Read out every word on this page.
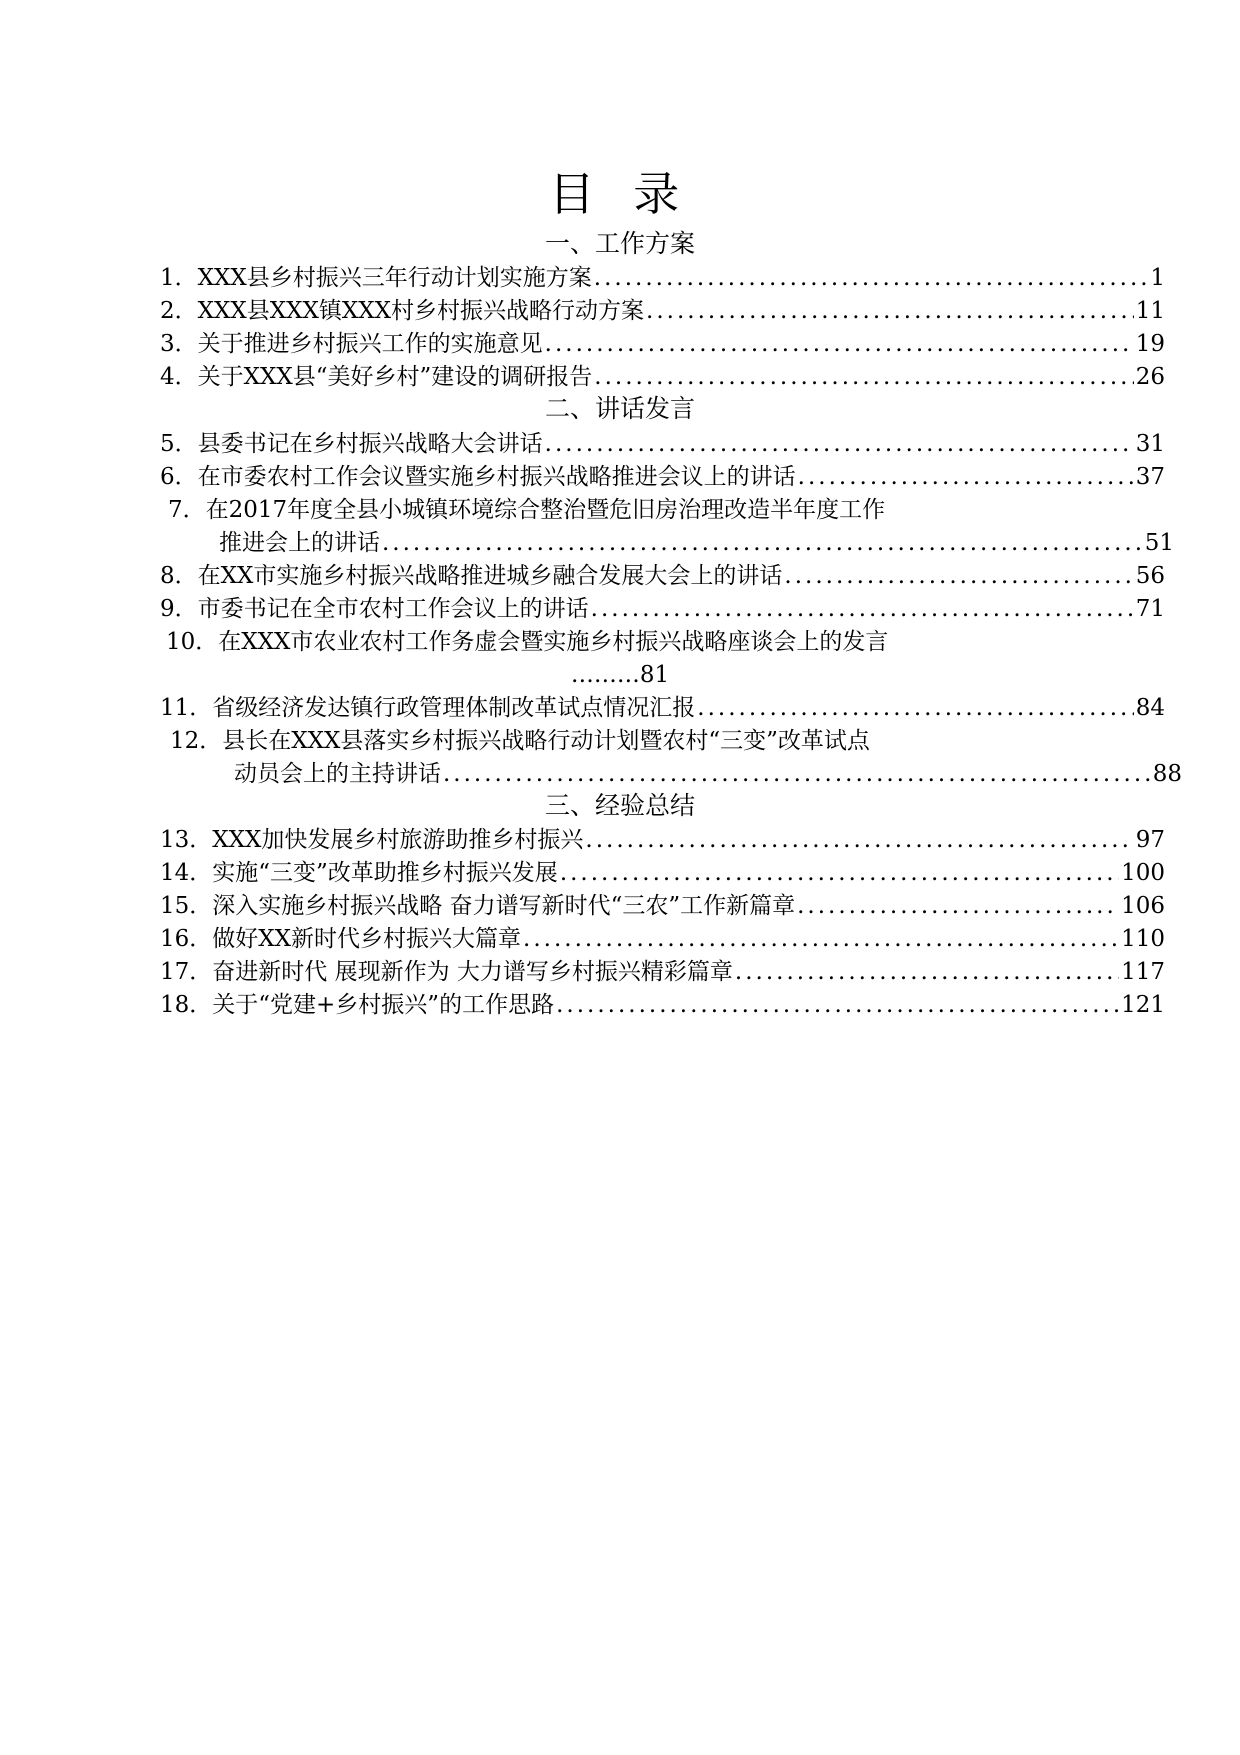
目 录
一、工作方案
1． XXX县乡村振兴三年行动计划实施方案 .....	1
2． XXX县XXX镇XXX村乡村振兴战略行动方案 .....	11
3． 关于推进乡村振兴工作的实施意见 .....	19
4． 关于XXX县“美好乡村”建设的调研报告 .....	26
二、讲话发言
5． 县委书记在乡村振兴战略大会讲话 .....	31
6． 在市委农村工作会议暨实施乡村振兴战略推进会议上的讲话 .....	37
7．在2017年度全县小城镇环境综合整治暨危旧房治理改造半年度工作
推进会上的讲话 .....	51
8． 在XX市实施乡村振兴战略推进城乡融合发展大会上的讲话 .....	56
9． 市委书记在全市农村工作会议上的讲话 .....	71
10．在XXX市农业农村工作务虚会暨实施乡村振兴战略座谈会上的发言
………81
11． 省级经济发达镇行政管理体制改革试点情况汇报 .....	84
12．县长在XXX县落实乡村振兴战略行动计划暨农村“三变”改革试点
动员会上的主持讲话 .....	88
三、经验总结
13． XXX加快发展乡村旅游助推乡村振兴 .....	97
14． 实施“三变”改革助推乡村振兴发展 .....	100
15． 深入实施乡村振兴战略 奋力谱写新时代“三农”工作新篇章 .....	106
16． 做好XX新时代乡村振兴大篇章 .....	110
17． 奋进新时代 展现新作为 大力谱写乡村振兴精彩篇章 .....	117
18． 关于“党建+乡村振兴”的工作思路 .....	121
